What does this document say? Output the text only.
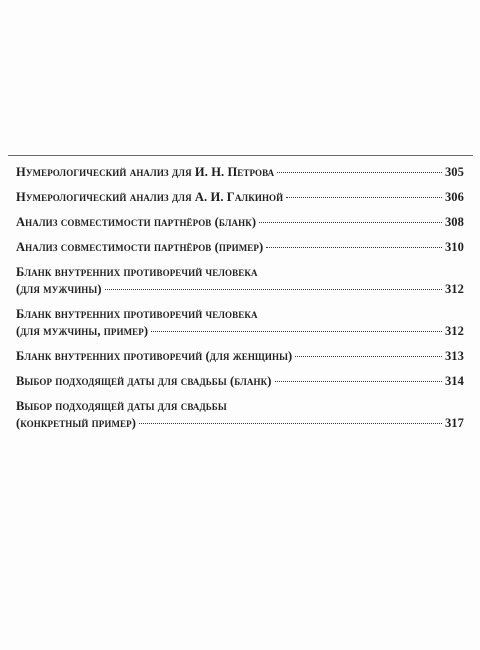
Нумерологический анализ для И. Н. Петрова	305
Нумерологический анализ для А. И. Галкиной	306
Анализ совместимости партнёров (бланк)	308
Анализ совместимости партнёров (пример)	310
Бланк внутренних противоречий человека
(для мужчины)	312
Бланк внутренних противоречий человека
(для мужчины, пример)	312
Бланк внутренних противоречий (для женщины)	313
Выбор подходящей даты для свадьбы (бланк)	314
Выбор подходящей даты для свадьбы
(конкретный пример)	317
